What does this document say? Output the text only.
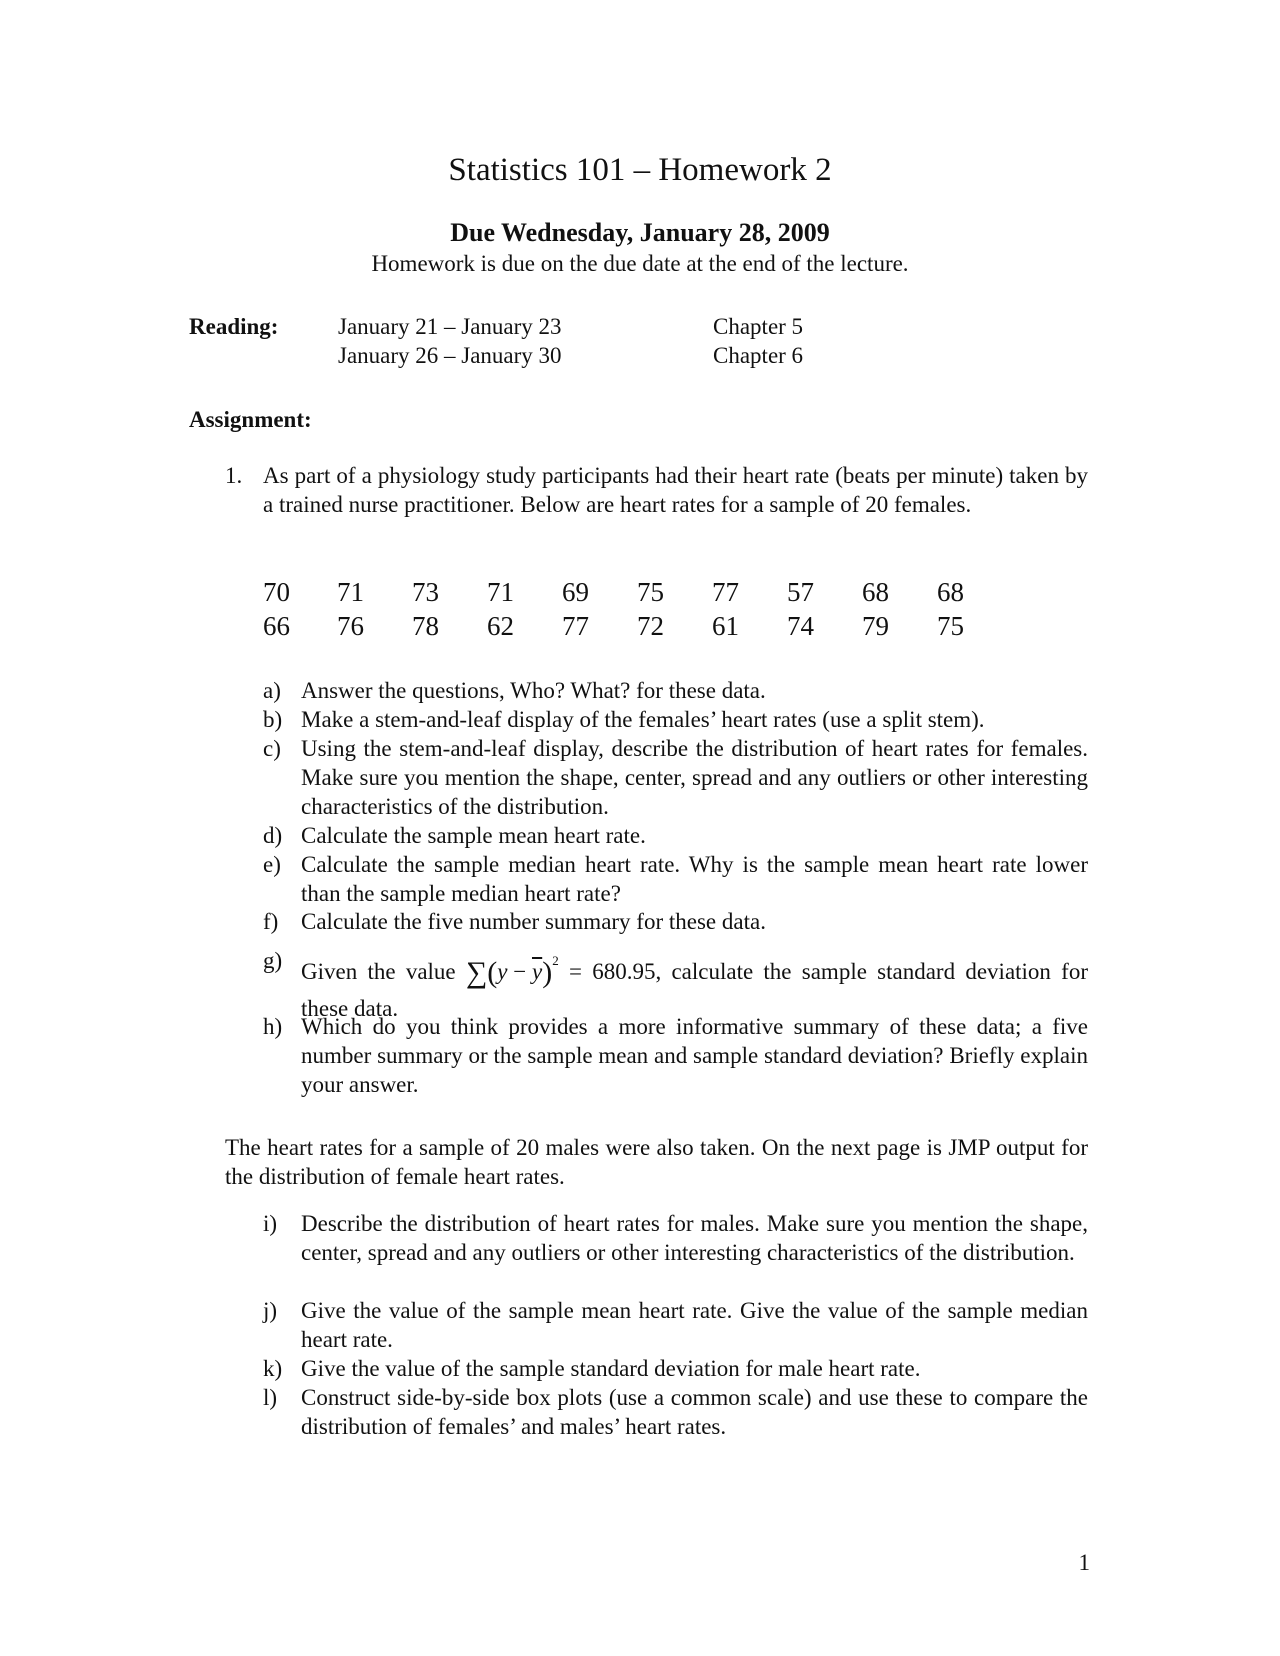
Statistics 101 – Homework 2
Due Wednesday, January 28, 2009
Homework is due on the due date at the end of the lecture.
Reading:	January 21 – January 23	Chapter 5
January 26 – January 30	Chapter 6
Assignment:
1. As part of a physiology study participants had their heart rate (beats per minute) taken by a trained nurse practitioner. Below are heart rates for a sample of 20 females.
70	71	73	71	69	75	77	57	68	68
66	76	78	62	77	72	61	74	79	75
a) Answer the questions, Who? What? for these data.
b) Make a stem-and-leaf display of the females’ heart rates (use a split stem).
c) Using the stem-and-leaf display, describe the distribution of heart rates for females. Make sure you mention the shape, center, spread and any outliers or other interesting characteristics of the distribution.
d) Calculate the sample mean heart rate.
e) Calculate the sample median heart rate. Why is the sample mean heart rate lower than the sample median heart rate?
f) Calculate the five number summary for these data.
g) Given the value $\sum(y - \overline{y})^2 = 680.95$, calculate the sample standard deviation for these data.
h) Which do you think provides a more informative summary of these data; a five number summary or the sample mean and sample standard deviation? Briefly explain your answer.
The heart rates for a sample of 20 males were also taken. On the next page is JMP output for the distribution of female heart rates.
i)	Describe the distribution of heart rates for males. Make sure you mention the shape, center, spread and any outliers or other interesting characteristics of the distribution.
j)	Give the value of the sample mean heart rate. Give the value of the sample median heart rate.
k) Give the value of the sample standard deviation for male heart rate.
l)	Construct side-by-side box plots (use a common scale) and use these to compare the distribution of females’ and males’ heart rates.
1
